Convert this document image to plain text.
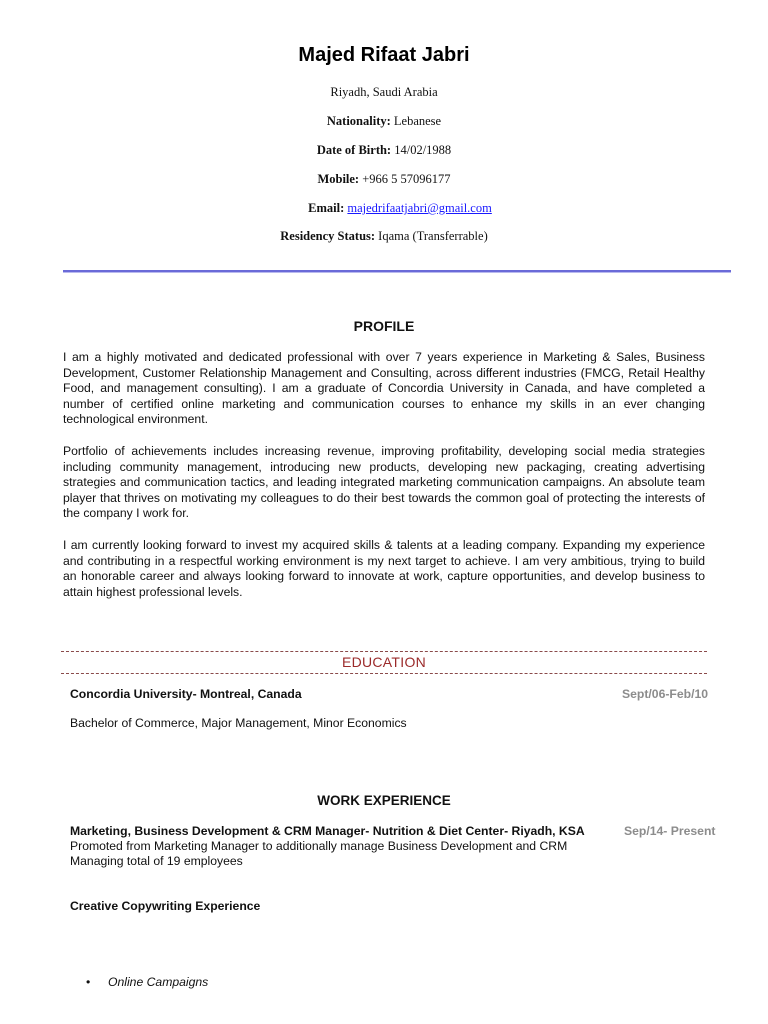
Majed Rifaat Jabri
Riyadh, Saudi Arabia
Nationality: Lebanese
Date of Birth: 14/02/1988
Mobile: +966 5 57096177
Email: majedrifaatjabri@gmail.com
Residency Status: Iqama (Transferrable)
PROFILE
I am a highly motivated and dedicated professional with over 7 years experience in Marketing & Sales, Business Development, Customer Relationship Management and Consulting, across different industries (FMCG, Retail Healthy Food, and management consulting). I am a graduate of Concordia University in Canada, and have completed a number of certified online marketing and communication courses to enhance my skills in an ever changing technological environment.
Portfolio of achievements includes increasing revenue, improving profitability, developing social media strategies including community management, introducing new products, developing new packaging, creating advertising strategies and communication tactics, and leading integrated marketing communication campaigns. An absolute team player that thrives on motivating my colleagues to do their best towards the common goal of protecting the interests of the company I work for.
I am currently looking forward to invest my acquired skills & talents at a leading company. Expanding my experience and contributing in a respectful working environment is my next target to achieve. I am very ambitious, trying to build an honorable career and always looking forward to innovate at work, capture opportunities, and develop business to attain highest professional levels.
EDUCATION
Concordia University- Montreal, Canada	Sept/06-Feb/10
Bachelor of Commerce, Major Management, Minor Economics
WORK EXPERIENCE
Marketing, Business Development & CRM Manager- Nutrition & Diet Center- Riyadh, KSA	Sep/14- Present
Promoted from Marketing Manager to additionally manage Business Development and CRM
Managing total of 19 employees
Creative Copywriting Experience
• Online Campaigns
